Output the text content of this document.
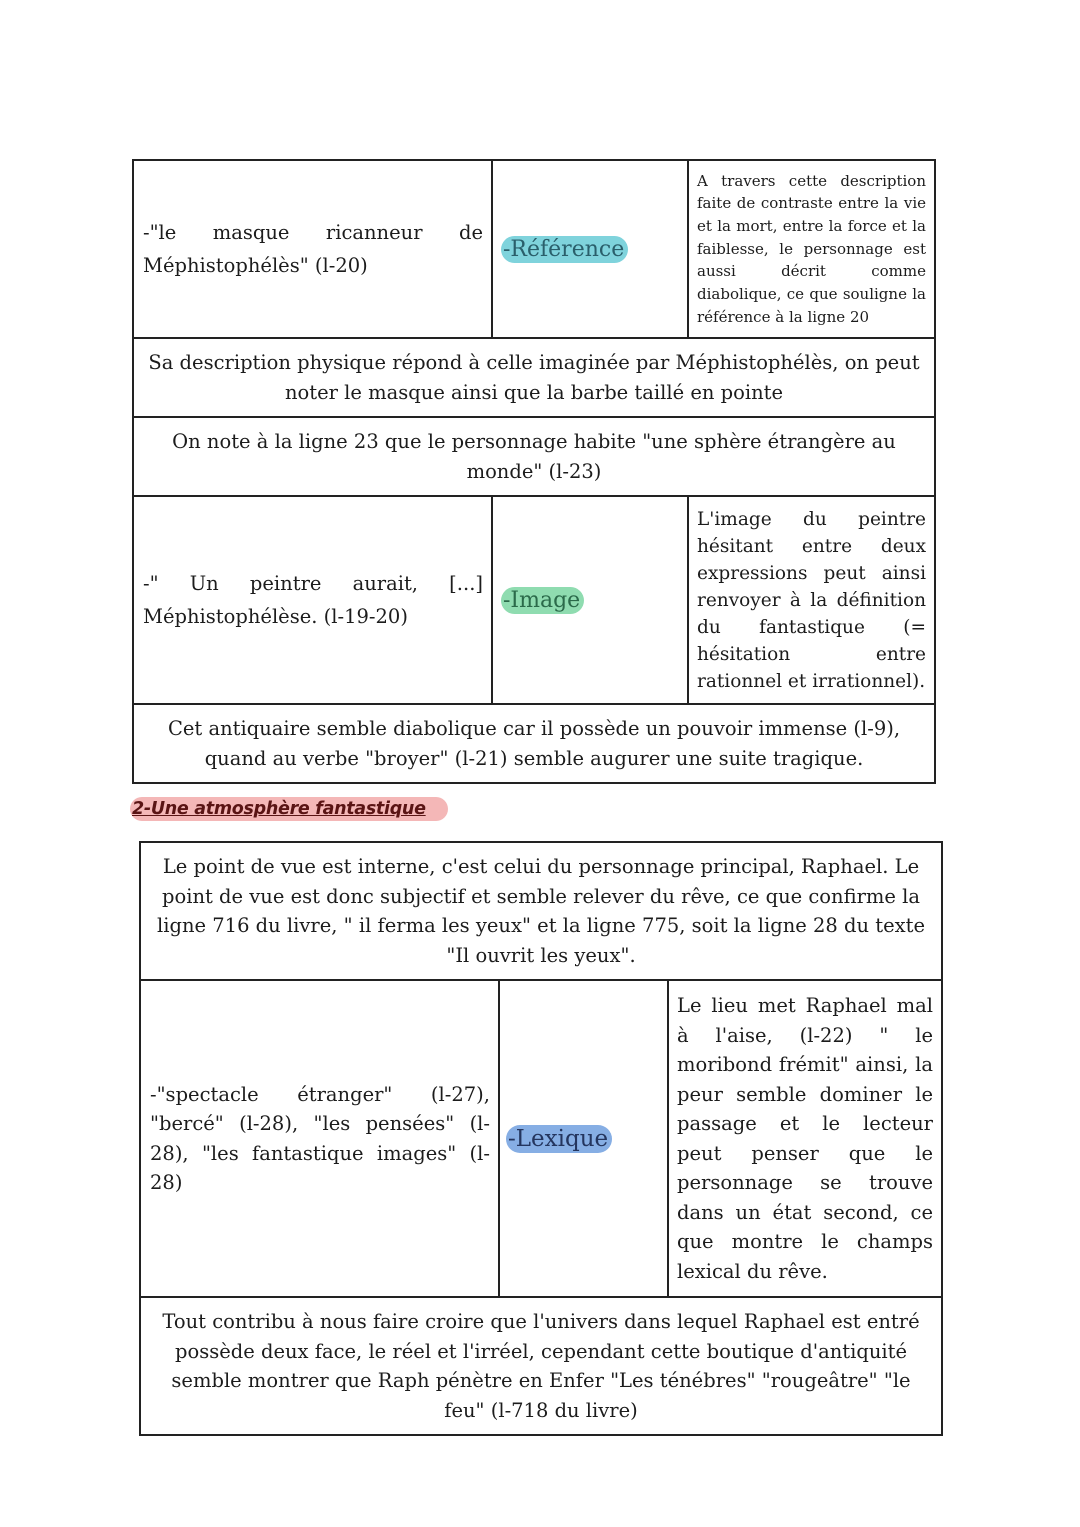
-"le masque ricanneur de Méphistophélès" (l-20)	-Référence	A travers cette description faite de contraste entre la vie et la mort, entre la force et la faiblesse, le personnage est aussi décrit comme diabolique, ce que souligne la référence à la ligne 20
Sa description physique répond à celle imaginée par Méphistophélès, on peut noter le masque ainsi que la barbe taillé en pointe		
On note à la ligne 23 que le personnage habite "une sphère étrangère au monde" (l-23)		
-" Un peintre aurait, [...] Méphistophélèse. (l-19-20)	-Image	L'image du peintre hésitant entre deux expressions peut ainsi renvoyer à la définition du fantastique (= hésitation entre rationnel et irrationnel).
Cet antiquaire semble diabolique car il possède un pouvoir immense (l-9), quand au verbe "broyer" (l-21) semble augurer une suite tragique.		
2-Une atmosphère fantastique
Le point de vue est interne, c'est celui du personnage principal, Raphael. Le point de vue est donc subjectif et semble relever du rêve, ce que confirme la ligne 716 du livre, " il ferma les yeux" et la ligne 775, soit la ligne 28 du texte "Il ouvrit les yeux".
-"spectacle étranger" (l-27), "bercé" (l-28), "les pensées" (l-28), "les fantastique images" (l-28)	-Lexique	Le lieu met Raphael mal à l'aise, (l-22) " le moribond frémit" ainsi, la peur semble dominer le passage et le lecteur peut penser que le personnage se trouve dans un état second, ce que montre le champs lexical du rêve.
Tout contribu à nous faire croire que l'univers dans lequel Raphael est entré possède deux face, le réel et l'irréel, cependant cette boutique d'antiquité semble montrer que Raph pénètre en Enfer "Les ténébres" "rougeâtre" "le feu" (l-718 du livre)
